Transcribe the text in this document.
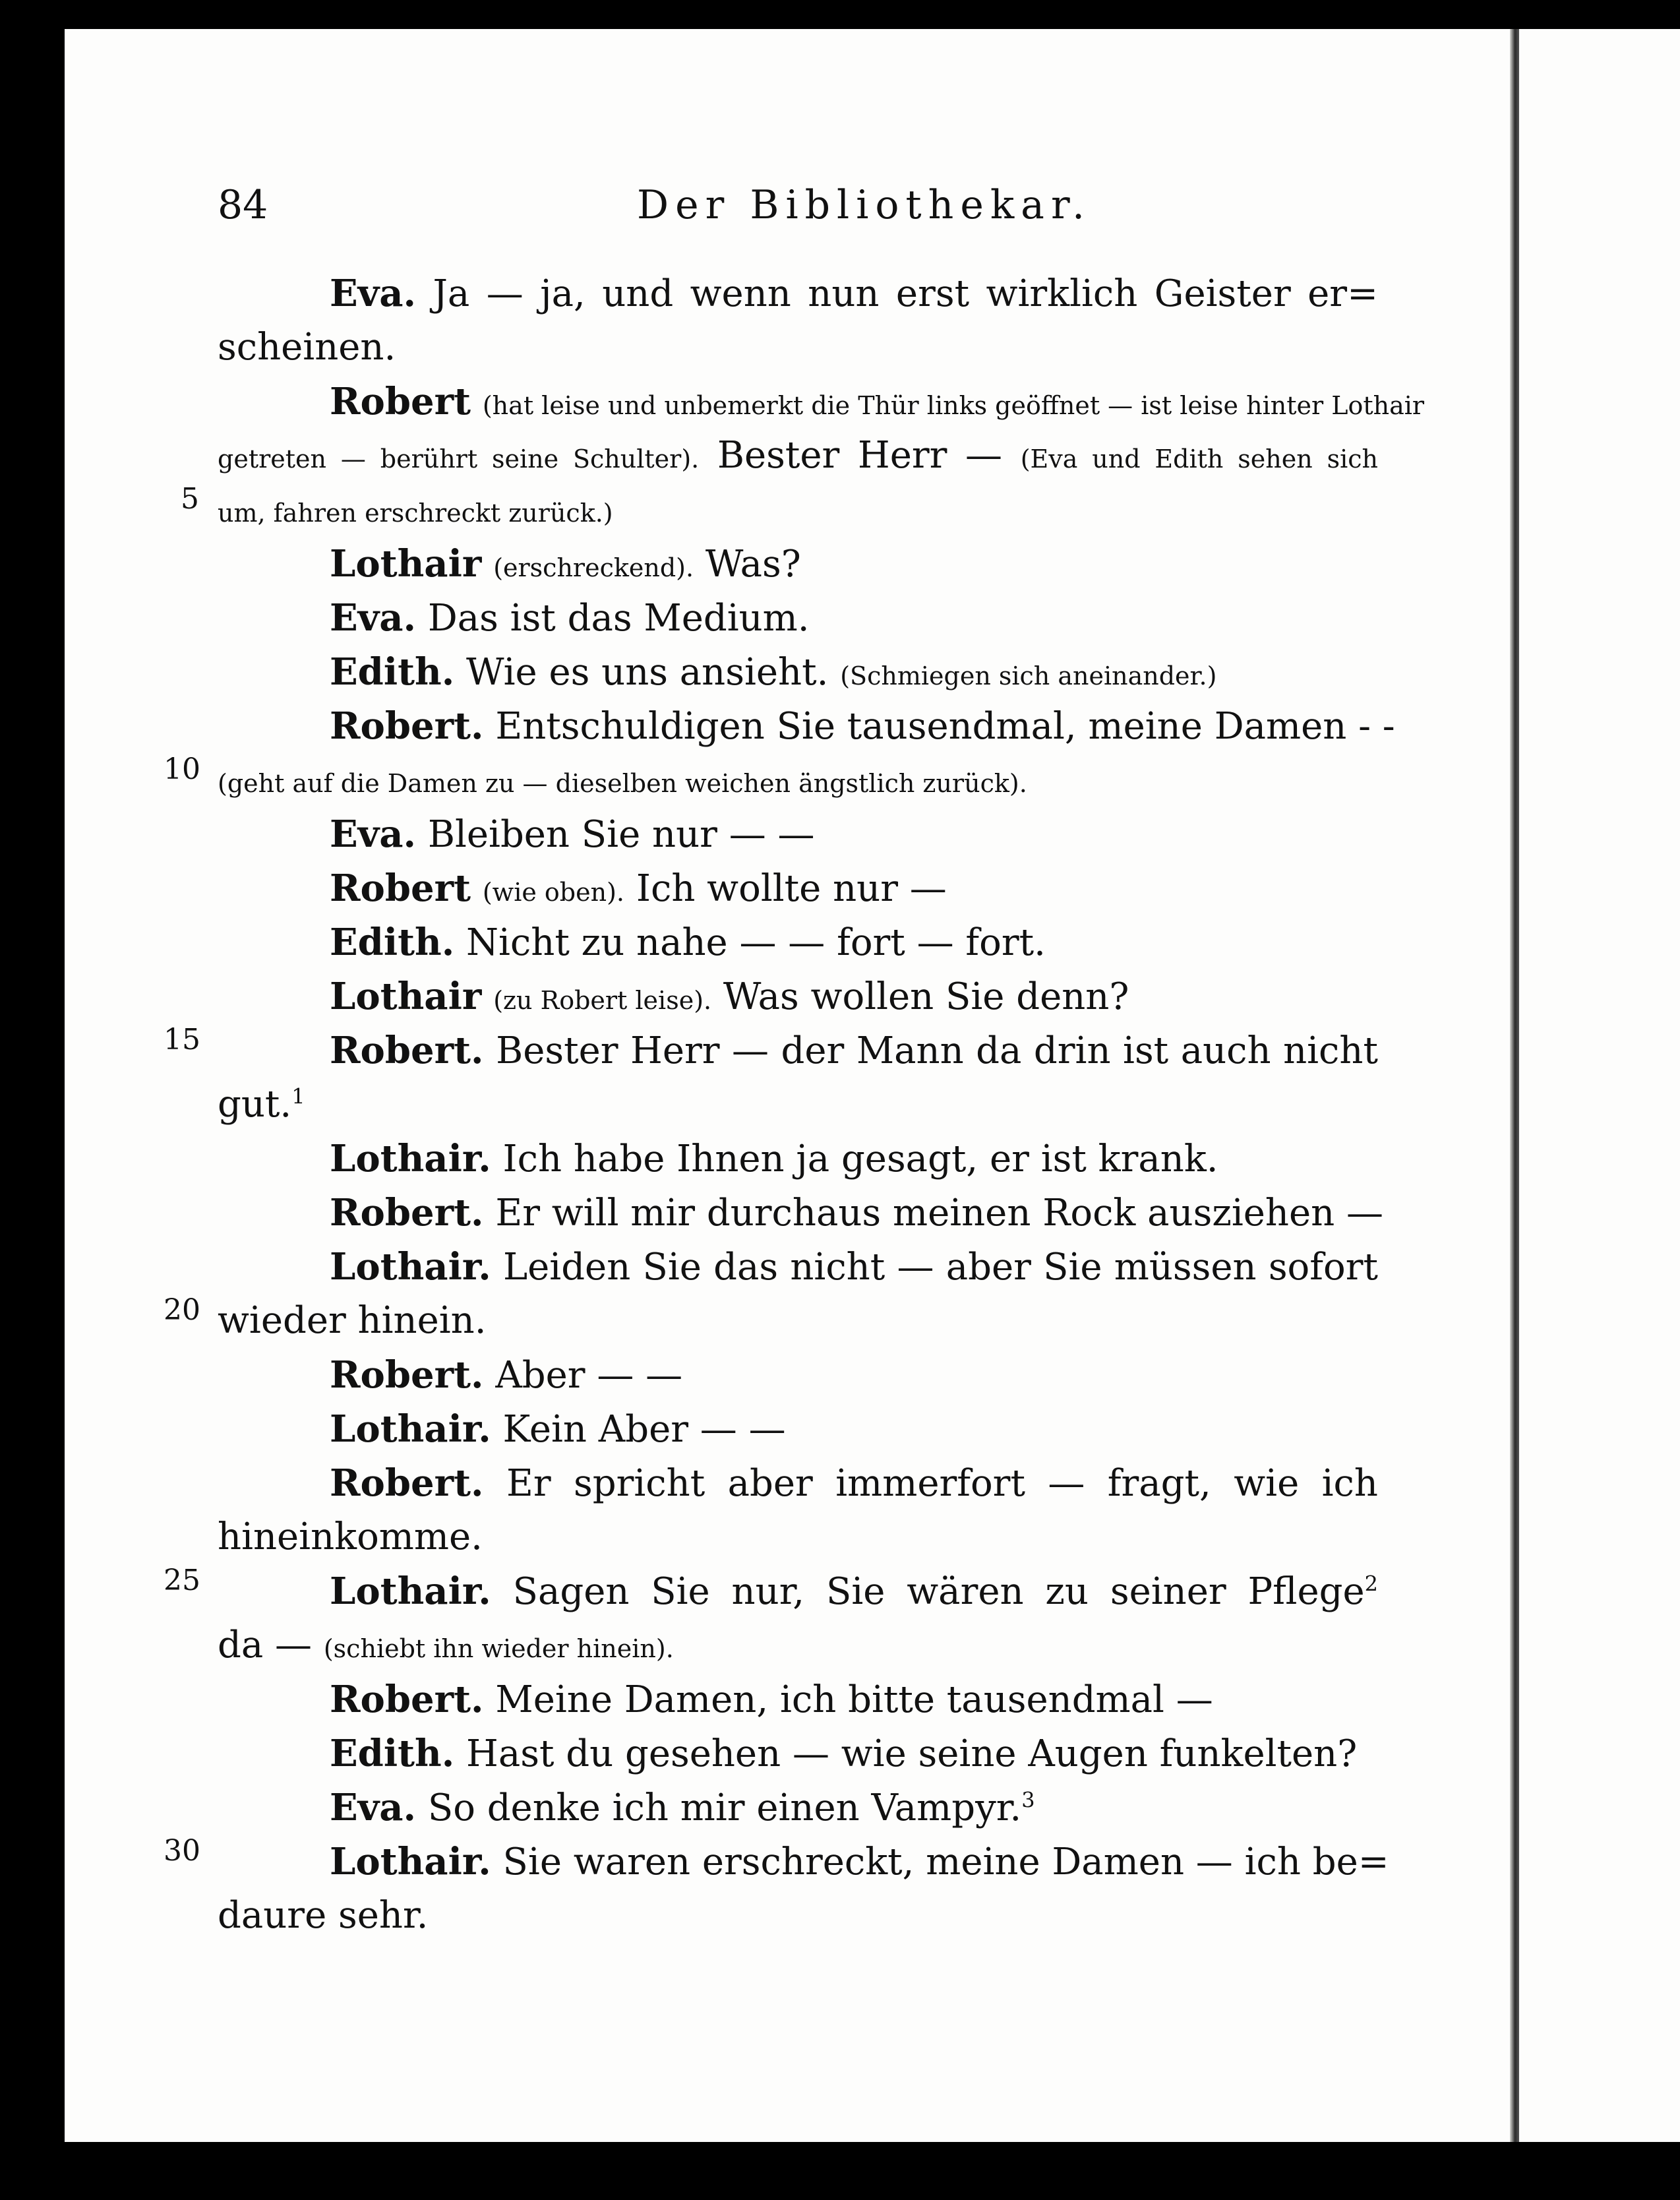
84	Der Bibliothekar.
Eva. Ja — ja, und wenn nun erst wirklich Geister er=
scheinen.
Robert (hat leise und unbemerkt die Thür links geöffnet — ist leise hinter Lothair
getreten — berührt seine Schulter). Bester Herr — (Eva und Edith sehen sich
um, fahren erschreckt zurück.)
Lothair (erschreckend). Was?
Eva. Das ist das Medium.
Edith. Wie es uns ansieht. (Schmiegen sich aneinander.)
Robert. Entschuldigen Sie tausendmal, meine Damen - -
(geht auf die Damen zu — dieselben weichen ängstlich zurück).
Eva. Bleiben Sie nur — —
Robert (wie oben). Ich wollte nur —
Edith. Nicht zu nahe — — fort — fort.
Lothair (zu Robert leise). Was wollen Sie denn?
Robert. Bester Herr — der Mann da drin ist auch nicht
gut.$^1$
Lothair. Ich habe Ihnen ja gesagt, er ist krank.
Robert. Er will mir durchaus meinen Rock ausziehen —
Lothair. Leiden Sie das nicht — aber Sie müssen sofort
wieder hinein.
Robert. Aber — —
Lothair. Kein Aber — —
Robert. Er spricht aber immerfort — fragt, wie ich
hineinkomme.
Lothair. Sagen Sie nur, Sie wären zu seiner Pflege$^2$
da — (schiebt ihn wieder hinein).
Robert. Meine Damen, ich bitte tausendmal —
Edith. Hast du gesehen — wie seine Augen funkelten?
Eva. So denke ich mir einen Vampyr.$^3$
Lothair. Sie waren erschreckt, meine Damen — ich be=
daure sehr.
5
10
15
20
25
30
